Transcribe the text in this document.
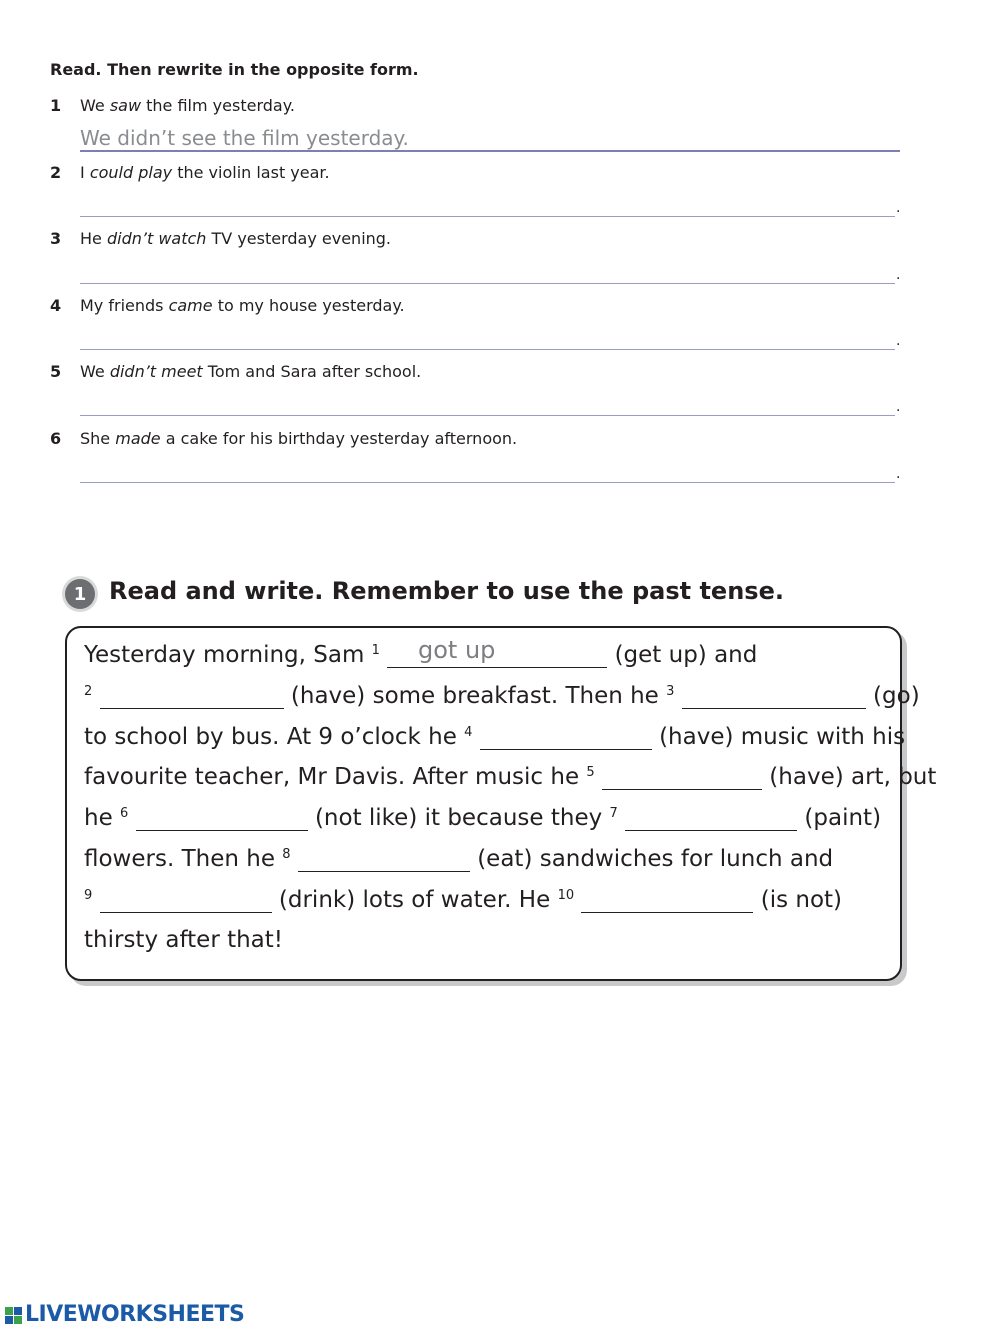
Read. Then rewrite in the opposite form.
1 We saw the film yesterday.
We didn’t see the film yesterday.
2 I could play the violin last year.
.
3 He didn’t watch TV yesterday evening.
.
4 My friends came to my house yesterday.
.
5 We didn’t meet Tom and Sara after school.
.
6 She made a cake for his birthday yesterday afternoon.
.
1 Read and write. Remember to use the past tense.
Yesterday morning, Sam $^1$	(get up) and
got up
$^2$	(have) some breakfast. Then he $^3$	(go)
to school by bus. At 9 o’clock he $^4$	(have) music with his
favourite teacher, Mr Davis. After music he $^5$	(have) art, but
he $^6$	(not like) it because they $^7$	(paint)
flowers. Then he $^8$	(eat) sandwiches for lunch and
$^9$	(drink) lots of water. He $^{10}$	(is not)
thirsty after that!
LIVEWORKSHEETS
